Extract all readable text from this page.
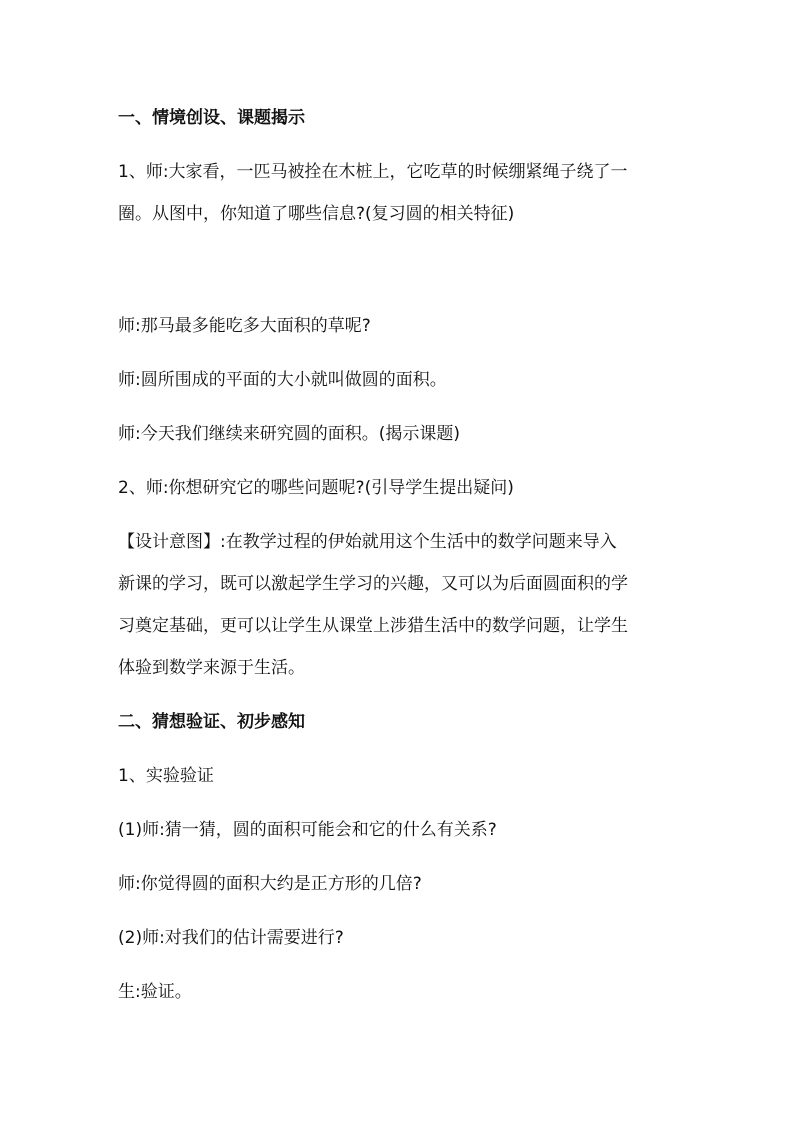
一、情境创设、课题揭示
1、师:大家看，一匹马被拴在木桩上，它吃草的时候绷紧绳子绕了一
圈。从图中，你知道了哪些信息?(复习圆的相关特征)
师:那马最多能吃多大面积的草呢?
师:圆所围成的平面的大小就叫做圆的面积。
师:今天我们继续来研究圆的面积。(揭示课题)
2、师:你想研究它的哪些问题呢?(引导学生提出疑问)
【设计意图】:在教学过程的伊始就用这个生活中的数学问题来导入
新课的学习，既可以激起学生学习的兴趣，又可以为后面圆面积的学
习奠定基础，更可以让学生从课堂上涉猎生活中的数学问题，让学生
体验到数学来源于生活。
二、猜想验证、初步感知
1、实验验证
(1)师:猜一猜，圆的面积可能会和它的什么有关系?
师:你觉得圆的面积大约是正方形的几倍?
(2)师:对我们的估计需要进行?
生:验证。
